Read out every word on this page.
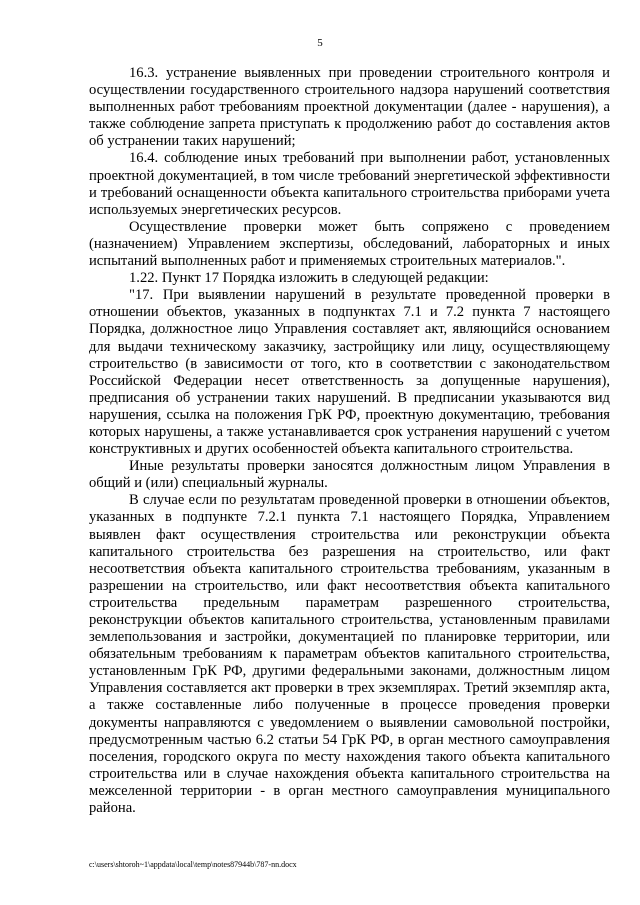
5

16.3. устранение выявленных при проведении строительного контроля и осуществлении государственного строительного надзора нарушений соответствия выполненных работ требованиям проектной документации (далее - нарушения), а также соблюдение запрета приступать к продолжению работ до составления актов об устранении таких нарушений;

16.4. соблюдение иных требований при выполнении работ, установленных проектной документацией, в том числе требований энергетической эффективности и требований оснащенности объекта капитального строительства приборами учета используемых энергетических ресурсов.

Осуществление проверки может быть сопряжено с проведением (назначением) Управлением экспертизы, обследований, лабораторных и иных испытаний выполненных работ и применяемых строительных материалов.".

1.22. Пункт 17 Порядка изложить в следующей редакции:

"17. При выявлении нарушений в результате проведенной проверки в отношении объектов, указанных в подпунктах 7.1 и 7.2 пункта 7 настоящего Порядка, должностное лицо Управления составляет акт, являющийся основанием для выдачи техническому заказчику, застройщику или лицу, осуществляющему строительство (в зависимости от того, кто в соответствии с законодательством Российской Федерации несет ответственность за допущенные нарушения), предписания об устранении таких нарушений. В предписании указываются вид нарушения, ссылка на положения ГрК РФ, проектную документацию, требования которых нарушены, а также устанавливается срок устранения нарушений с учетом конструктивных и других особенностей объекта капитального строительства.

Иные результаты проверки заносятся должностным лицом Управления в общий и (или) специальный журналы.

В случае если по результатам проведенной проверки в отношении объектов, указанных в подпункте 7.2.1 пункта 7.1 настоящего Порядка, Управлением выявлен факт осуществления строительства или реконструкции объекта капитального строительства без разрешения на строительство, или факт несоответствия объекта капитального строительства требованиям, указанным в разрешении на строительство, или факт несоответствия объекта капитального строительства предельным параметрам разрешенного строительства, реконструкции объектов капитального строительства, установленным правилами землепользования и застройки, документацией по планировке территории, или обязательным требованиям к параметрам объектов капитального строительства, установленным ГрК РФ, другими федеральными законами, должностным лицом Управления составляется акт проверки в трех экземплярах. Третий экземпляр акта, а также составленные либо полученные в процессе проведения проверки документы направляются с уведомлением о выявлении самовольной постройки, предусмотренным частью 6.2 статьи 54 ГрК РФ, в орган местного самоуправления поселения, городского округа по месту нахождения такого объекта капитального строительства или в случае нахождения объекта капитального строительства на межселенной территории - в орган местного самоуправления муниципального района.

c:\users\shtoroh~1\appdata\local\temp\notes87944b\787-nn.docx
